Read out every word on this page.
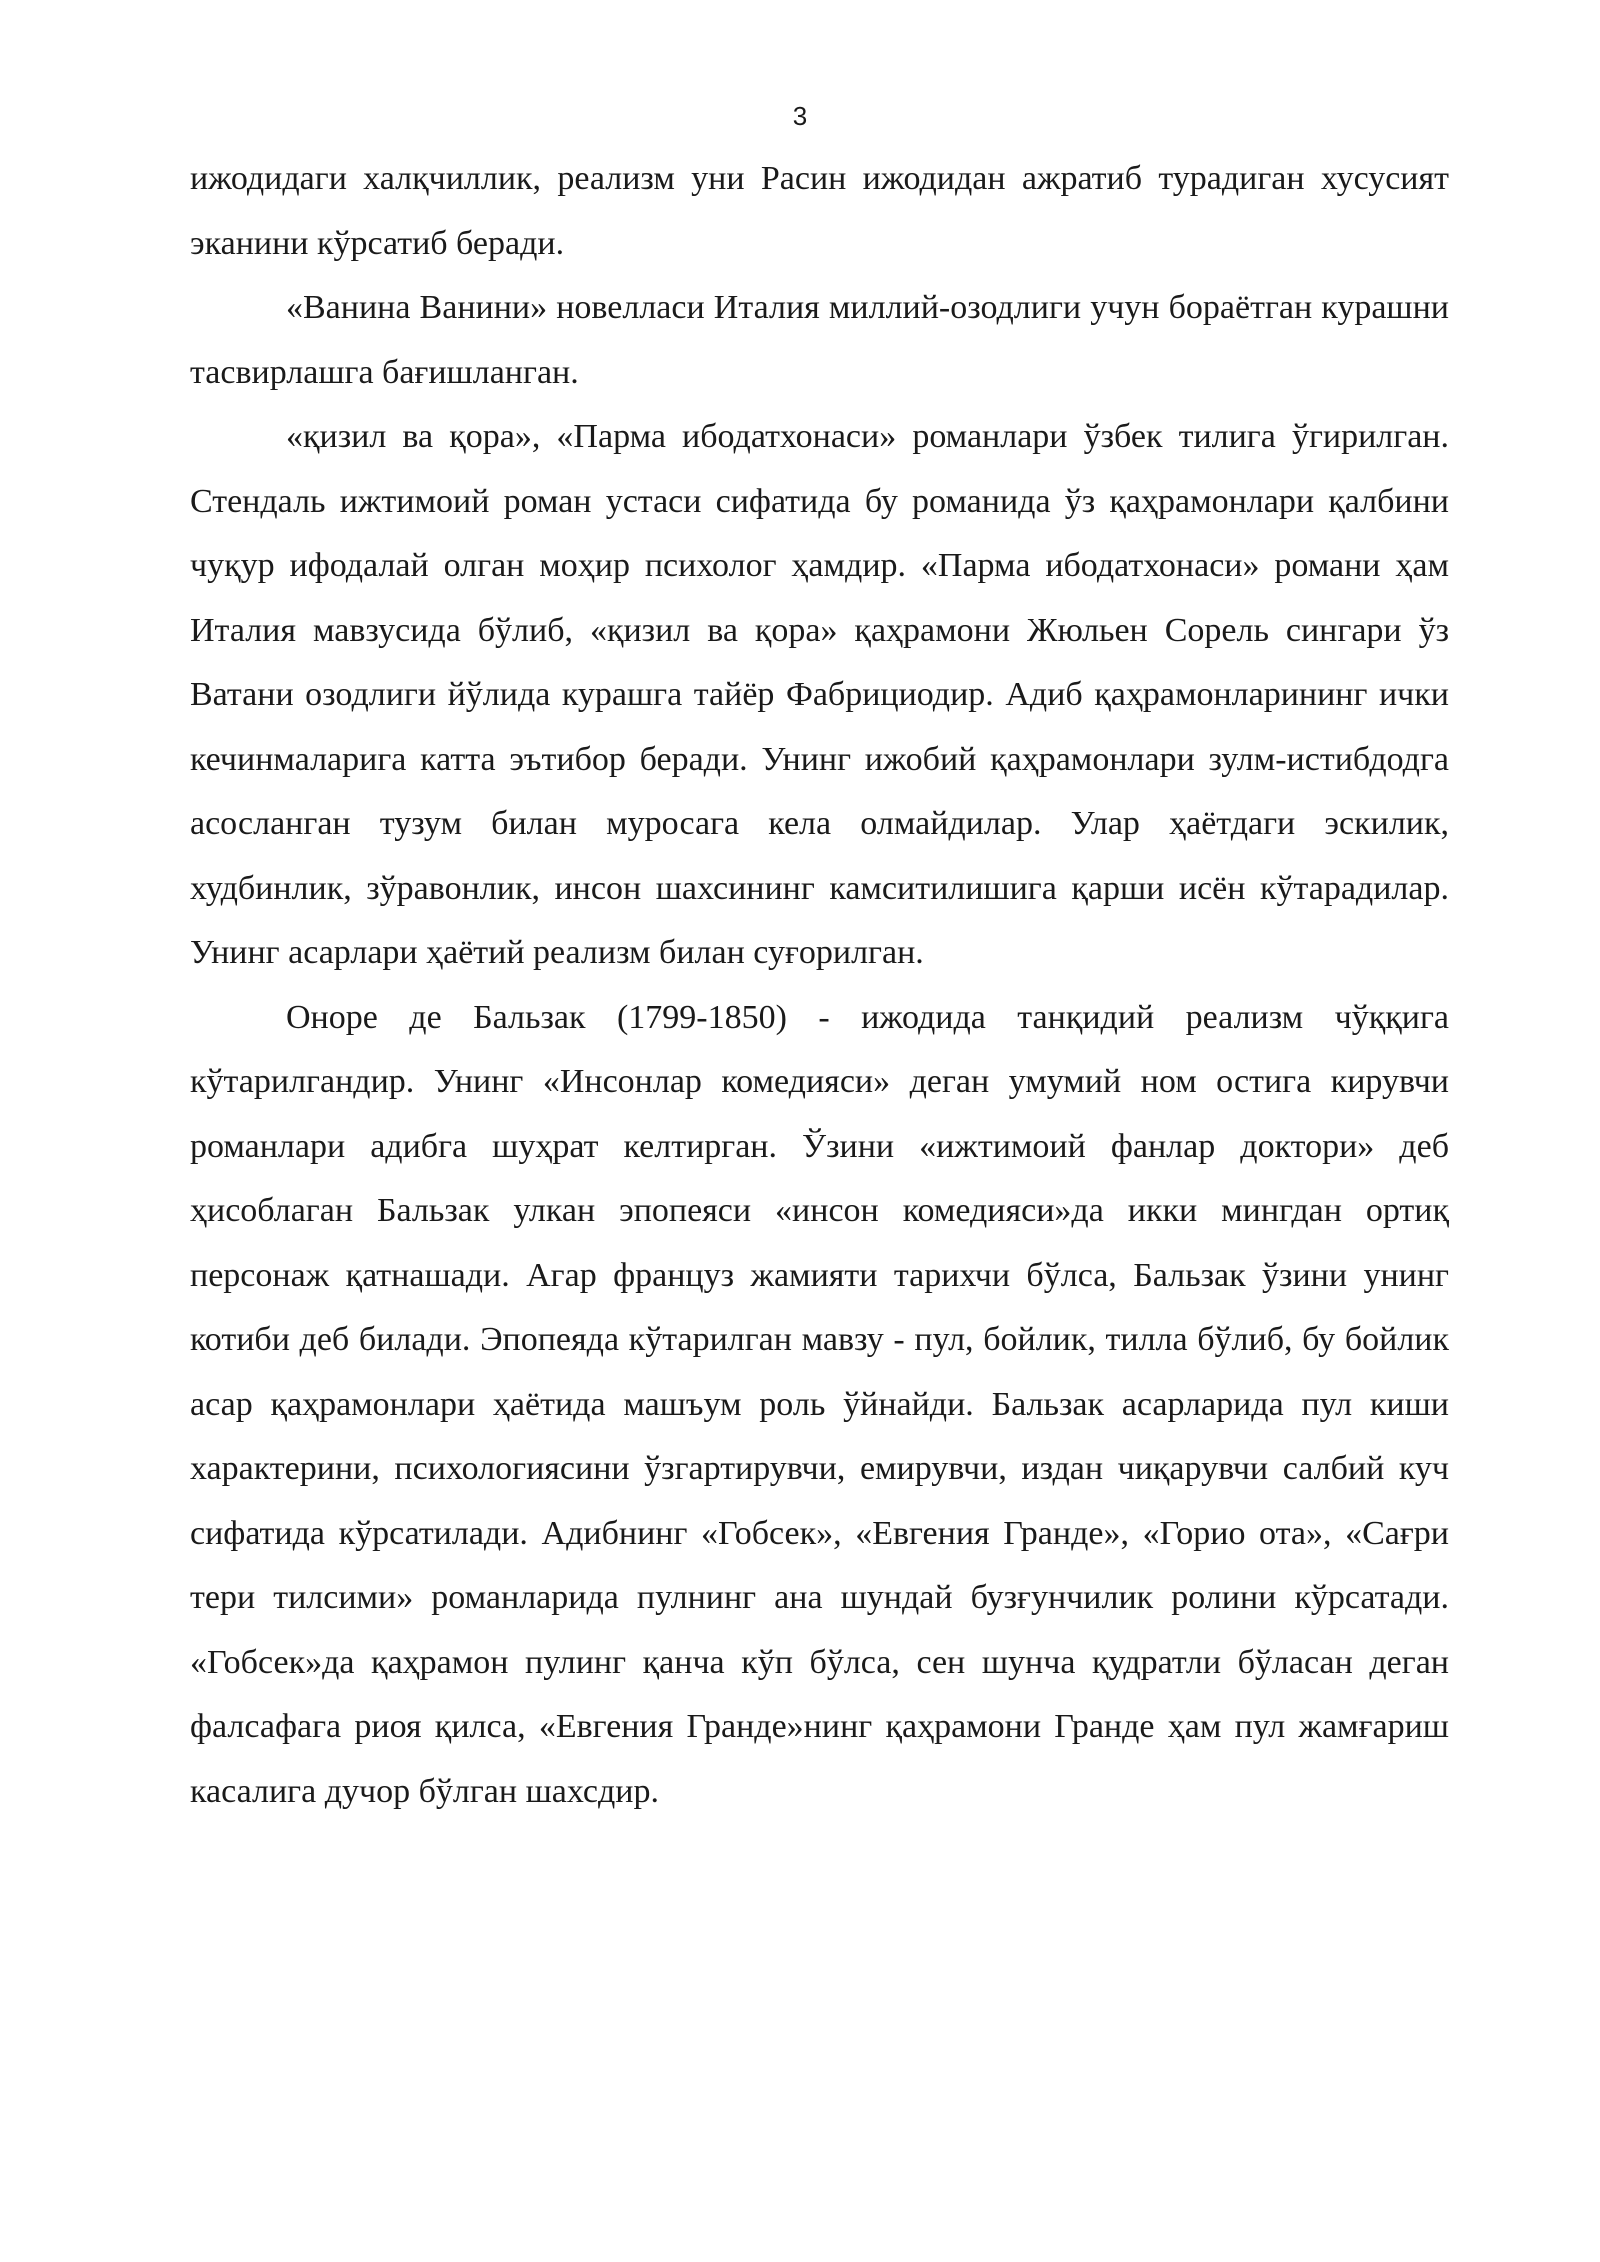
3

ижодидаги халқчиллик, реализм уни Расин ижодидан ажратиб турадиган хусусият эканини кўрсатиб беради.

«Ванина Ванини» новелласи Италия миллий-озодлиги учун бораётган курашни тасвирлашга бағишланган.

«қизил ва қора», «Парма ибодатхонаси» романлари ўзбек тилига ўгирилган. Стендаль ижтимоий роман устаси сифатида бу романида ўз қаҳрамонлари қалбини чуқур ифодалай олган моҳир психолог ҳамдир. «Парма ибодатхонаси» романи ҳам Италия мавзусида бўлиб, «қизил ва қора» қаҳрамони Жюльен Сорель сингари ўз Ватани озодлиги йўлида курашга тайёр Фабрициодир. Адиб қаҳрамонларининг ички кечинмаларига катта эътибор беради. Унинг ижобий қаҳрамонлари зулм-истибдодга асосланган тузум билан муросага кела олмайдилар. Улар ҳаётдаги эскилик, худбинлик, зўравонлик, инсон шахсининг камситилишига қарши исён кўтарадилар. Унинг асарлари ҳаётий реализм билан суғорилган.

Оноре де Бальзак (1799-1850) - ижодида танқидий реализм чўққига кўтарилгандир. Унинг «Инсонлар комедияси» деган умумий ном остига кирувчи романлари адибга шуҳрат келтирган. Ўзини «ижтимоий фанлар доктори» деб ҳисоблаган Бальзак улкан эпопеяси «инсон комедияси»да икки мингдан ортиқ персонаж қатнашади. Агар француз жамияти тарихчи бўлса, Бальзак ўзини унинг котиби деб билади. Эпопеяда кўтарилган мавзу - пул, бойлик, тилла бўлиб, бу бойлик асар қаҳрамонлари ҳаётида машъум роль ўйнайди. Бальзак асарларида пул киши характерини, психологиясини ўзгартирувчи, емирувчи, издан чиқарувчи салбий куч сифатида кўрсатилади. Адибнинг «Гобсек», «Евгения Гранде», «Горио ота», «Сағри тери тилсими» романларида пулнинг ана шундай бузғунчилик ролини кўрсатади. «Гобсек»да қаҳрамон пулинг қанча кўп бўлса, сен шунча қудратли бўласан деган фалсафага риоя қилса, «Евгения Гранде»нинг қаҳрамони Гранде ҳам пул жамғариш касалига дучор бўлган шахсдир.
